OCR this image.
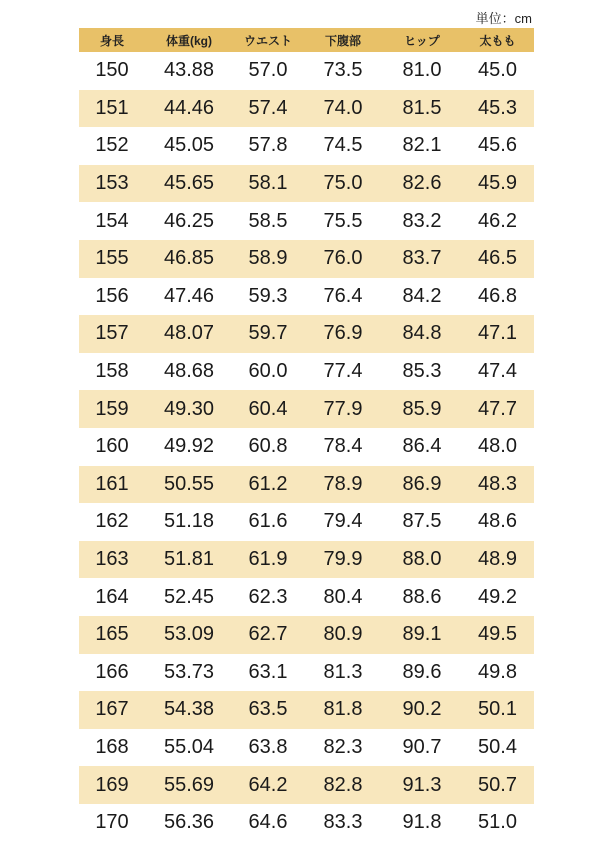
単位：cm
身長	体重(kg)	ウエスト	下腹部	ヒップ	太もも
150	43.88	57.0	73.5	81.0	45.0
151	44.46	57.4	74.0	81.5	45.3
152	45.05	57.8	74.5	82.1	45.6
153	45.65	58.1	75.0	82.6	45.9
154	46.25	58.5	75.5	83.2	46.2
155	46.85	58.9	76.0	83.7	46.5
156	47.46	59.3	76.4	84.2	46.8
157	48.07	59.7	76.9	84.8	47.1
158	48.68	60.0	77.4	85.3	47.4
159	49.30	60.4	77.9	85.9	47.7
160	49.92	60.8	78.4	86.4	48.0
161	50.55	61.2	78.9	86.9	48.3
162	51.18	61.6	79.4	87.5	48.6
163	51.81	61.9	79.9	88.0	48.9
164	52.45	62.3	80.4	88.6	49.2
165	53.09	62.7	80.9	89.1	49.5
166	53.73	63.1	81.3	89.6	49.8
167	54.38	63.5	81.8	90.2	50.1
168	55.04	63.8	82.3	90.7	50.4
169	55.69	64.2	82.8	91.3	50.7
170	56.36	64.6	83.3	91.8	51.0
